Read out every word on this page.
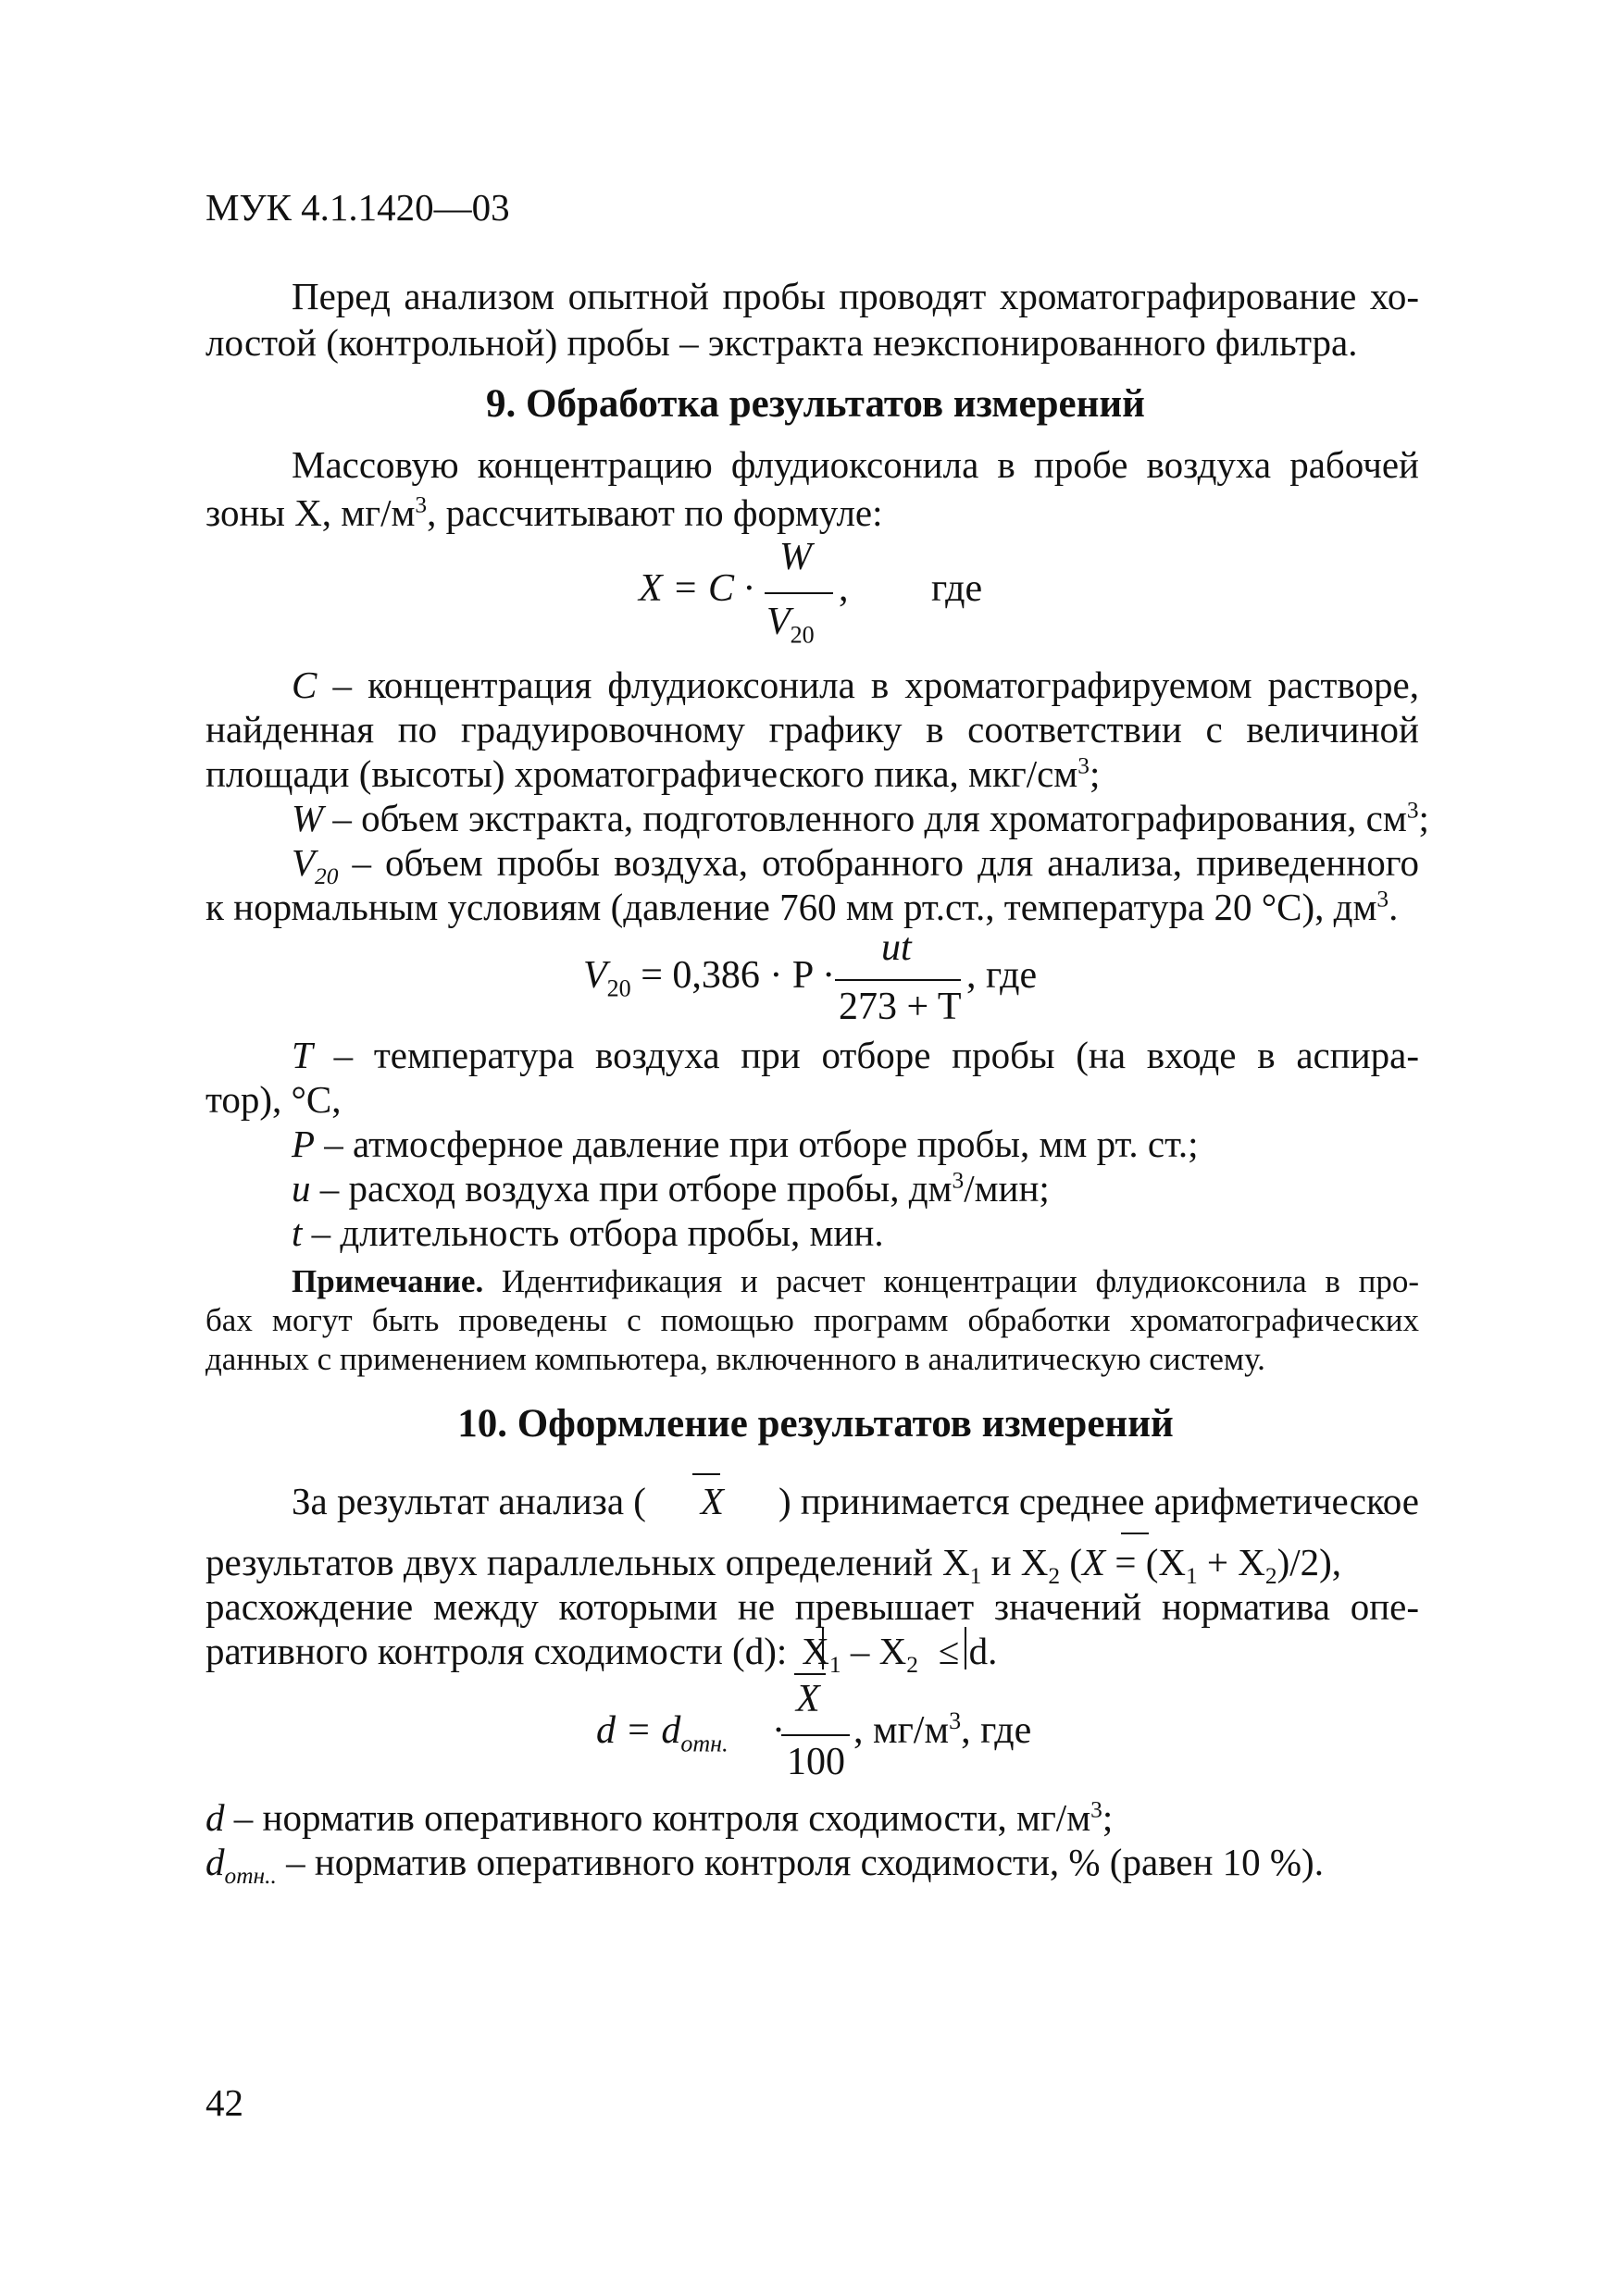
МУК 4.1.1420—03
Перед анализом опытной пробы проводят хроматографирование хо-
лостой (контрольной) пробы – экстракта неэкспонированного фильтра.
9. Обработка результатов измерений
Массовую концентрацию флудиоксонила в пробе воздуха рабочей
зоны Х, $мг/м^3$, рассчитывают по формуле:
X = C ·
W
$V_{20}$
, где
C – концентрация флудиоксонила в хроматографируемом растворе,
найденная по градуировочному графику в соответствии с величиной
площади (высоты) хроматографического пика, мкг/$см^3$;
W – объем экстракта, подготовленного для хроматографирования, $см^3$;
$V_{20}$ – объем пробы воздуха, отобранного для анализа, приведенного
к нормальным условиям (давление 760 мм рт.ст., температура 20 °С), $дм^3$.
$V_{20} = 0,386 \cdot P$ ·
ut
273 + T
, где
T – температура воздуха при отборе пробы (на входе в аспира-
тор), °С,
P – атмосферное давление при отборе пробы, мм рт. ст.;
u – расход воздуха при отборе пробы, $дм^3$/мин;
t – длительность отбора пробы, мин.
Примечание. Идентификация и расчет концентрации флудиоксонила в про-
бах могут быть проведены с помощью программ обработки хроматографических
данных с применением компьютера, включенного в аналитическую систему.
10. Оформление результатов измерений
За результат анализа ( X ) принимается среднее арифметическое
результатов двух параллельных определений $Х_1$ и $Х_2$ $(X = (Х_1 + Х_2)/2)$,
расхождение между которыми не превышает значений норматива опе-
ративного контроля сходимости (d): $Х_1 - Х_2 \le d$.
$d = d_{отн.}$ ·
X
100
, $мг/м^3$, где
d – норматив оперативного контроля сходимости, $мг/м^3$;
$d_{отн..}$ – норматив оперативного контроля сходимости, % (равен 10 %).
42
